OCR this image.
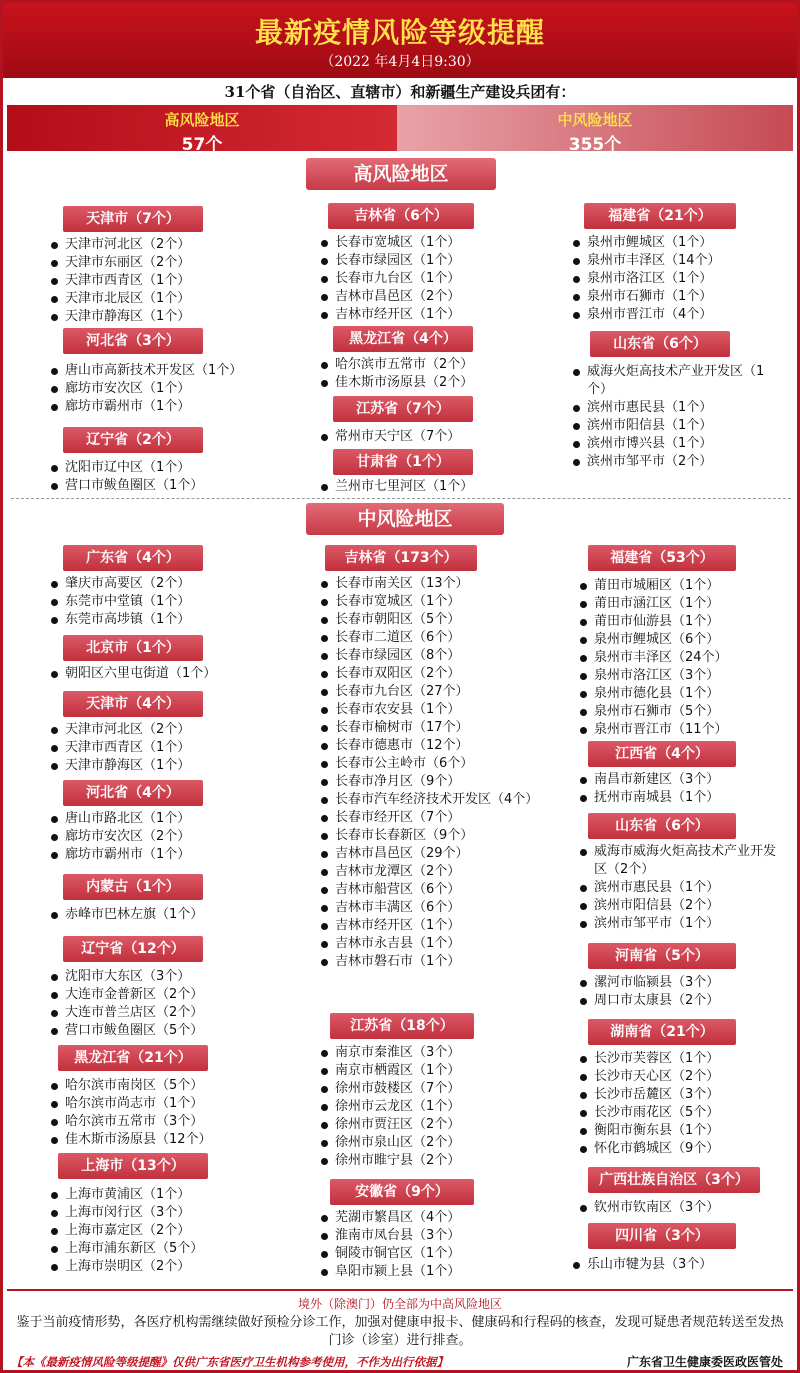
最新疫情风险等级提醒
（2022 年4月4日9:30）
31个省（自治区、直辖市）和新疆生产建设兵团有：
高风险地区
57个
中风险地区
355个
高风险地区
天津市（7个）
天津市河北区（2个）
天津市东丽区（2个）
天津市西青区（1个）
天津市北辰区（1个）
天津市静海区（1个）
河北省（3个）
唐山市高新技术开发区（1个）
廊坊市安次区（1个）
廊坊市霸州市（1个）
辽宁省（2个）
沈阳市辽中区（1个）
营口市鲅鱼圈区（1个）
吉林省（6个）
长春市宽城区（1个）
长春市绿园区（1个）
长春市九台区（1个）
吉林市昌邑区（2个）
吉林市经开区（1个）
黑龙江省（4个）
哈尔滨市五常市（2个）
佳木斯市汤原县（2个）
江苏省（7个）
常州市天宁区（7个）
甘肃省（1个）
兰州市七里河区（1个）
福建省（21个）
泉州市鲤城区（1个）
泉州市丰泽区（14个）
泉州市洛江区（1个）
泉州市石狮市（1个）
泉州市晋江市（4个）
山东省（6个）
威海火炬高技术产业开发区（1个）
滨州市惠民县（1个）
滨州市阳信县（1个）
滨州市博兴县（1个）
滨州市邹平市（2个）
中风险地区
广东省（4个）
肇庆市高要区（2个）
东莞市中堂镇（1个）
东莞市高埗镇（1个）
北京市（1个）
朝阳区六里屯街道（1个）
天津市（4个）
天津市河北区（2个）
天津市西青区（1个）
天津市静海区（1个）
河北省（4个）
唐山市路北区（1个）
廊坊市安次区（2个）
廊坊市霸州市（1个）
内蒙古（1个）
赤峰市巴林左旗（1个）
辽宁省（12个）
沈阳市大东区（3个）
大连市金普新区（2个）
大连市普兰店区（2个）
营口市鲅鱼圈区（5个）
黑龙江省（21个）
哈尔滨市南岗区（5个）
哈尔滨市尚志市（1个）
哈尔滨市五常市（3个）
佳木斯市汤原县（12个）
上海市（13个）
上海市黄浦区（1个）
上海市闵行区（3个）
上海市嘉定区（2个）
上海市浦东新区（5个）
上海市崇明区（2个）
吉林省（173个）
长春市南关区（13个）
长春市宽城区（1个）
长春市朝阳区（5个）
长春市二道区（6个）
长春市绿园区（8个）
长春市双阳区（2个）
长春市九台区（27个）
长春市农安县（1个）
长春市榆树市（17个）
长春市德惠市（12个）
长春市公主岭市（6个）
长春市净月区（9个）
长春市汽车经济技术开发区（4个）
长春市经开区（7个）
长春市长春新区（9个）
吉林市昌邑区（29个）
吉林市龙潭区（2个）
吉林市船营区（6个）
吉林市丰满区（6个）
吉林市经开区（1个）
吉林市永吉县（1个）
吉林市磐石市（1个）
江苏省（18个）
南京市秦淮区（3个）
南京市栖霞区（1个）
徐州市鼓楼区（7个）
徐州市云龙区（1个）
徐州市贾汪区（2个）
徐州市泉山区（2个）
徐州市睢宁县（2个）
安徽省（9个）
芜湖市繁昌区（4个）
淮南市凤台县（3个）
铜陵市铜官区（1个）
阜阳市颍上县（1个）
福建省（53个）
莆田市城厢区（1个）
莆田市涵江区（1个）
莆田市仙游县（1个）
泉州市鲤城区（6个）
泉州市丰泽区（24个）
泉州市洛江区（3个）
泉州市德化县（1个）
泉州市石狮市（5个）
泉州市晋江市（11个）
江西省（4个）
南昌市新建区（3个）
抚州市南城县（1个）
山东省（6个）
威海市威海火炬高技术产业开发区（2个）
滨州市惠民县（1个）
滨州市阳信县（2个）
滨州市邹平市（1个）
河南省（5个）
漯河市临颍县（3个）
周口市太康县（2个）
湖南省（21个）
长沙市芙蓉区（1个）
长沙市天心区（2个）
长沙市岳麓区（3个）
长沙市雨花区（5个）
衡阳市衡东县（1个）
怀化市鹤城区（9个）
广西壮族自治区（3个）
钦州市钦南区（3个）
四川省（3个）
乐山市犍为县（3个）
境外（除澳门）仍全部为中高风险地区
鉴于当前疫情形势，各医疗机构需继续做好预检分诊工作，加强对健康申报卡、健康码和行程码的核查，发现可疑患者规范转送至发热门诊（诊室）进行排查。
【本《最新疫情风险等级提醒》仅供广东省医疗卫生机构参考使用，不作为出行依据】	广东省卫生健康委医政医管处
